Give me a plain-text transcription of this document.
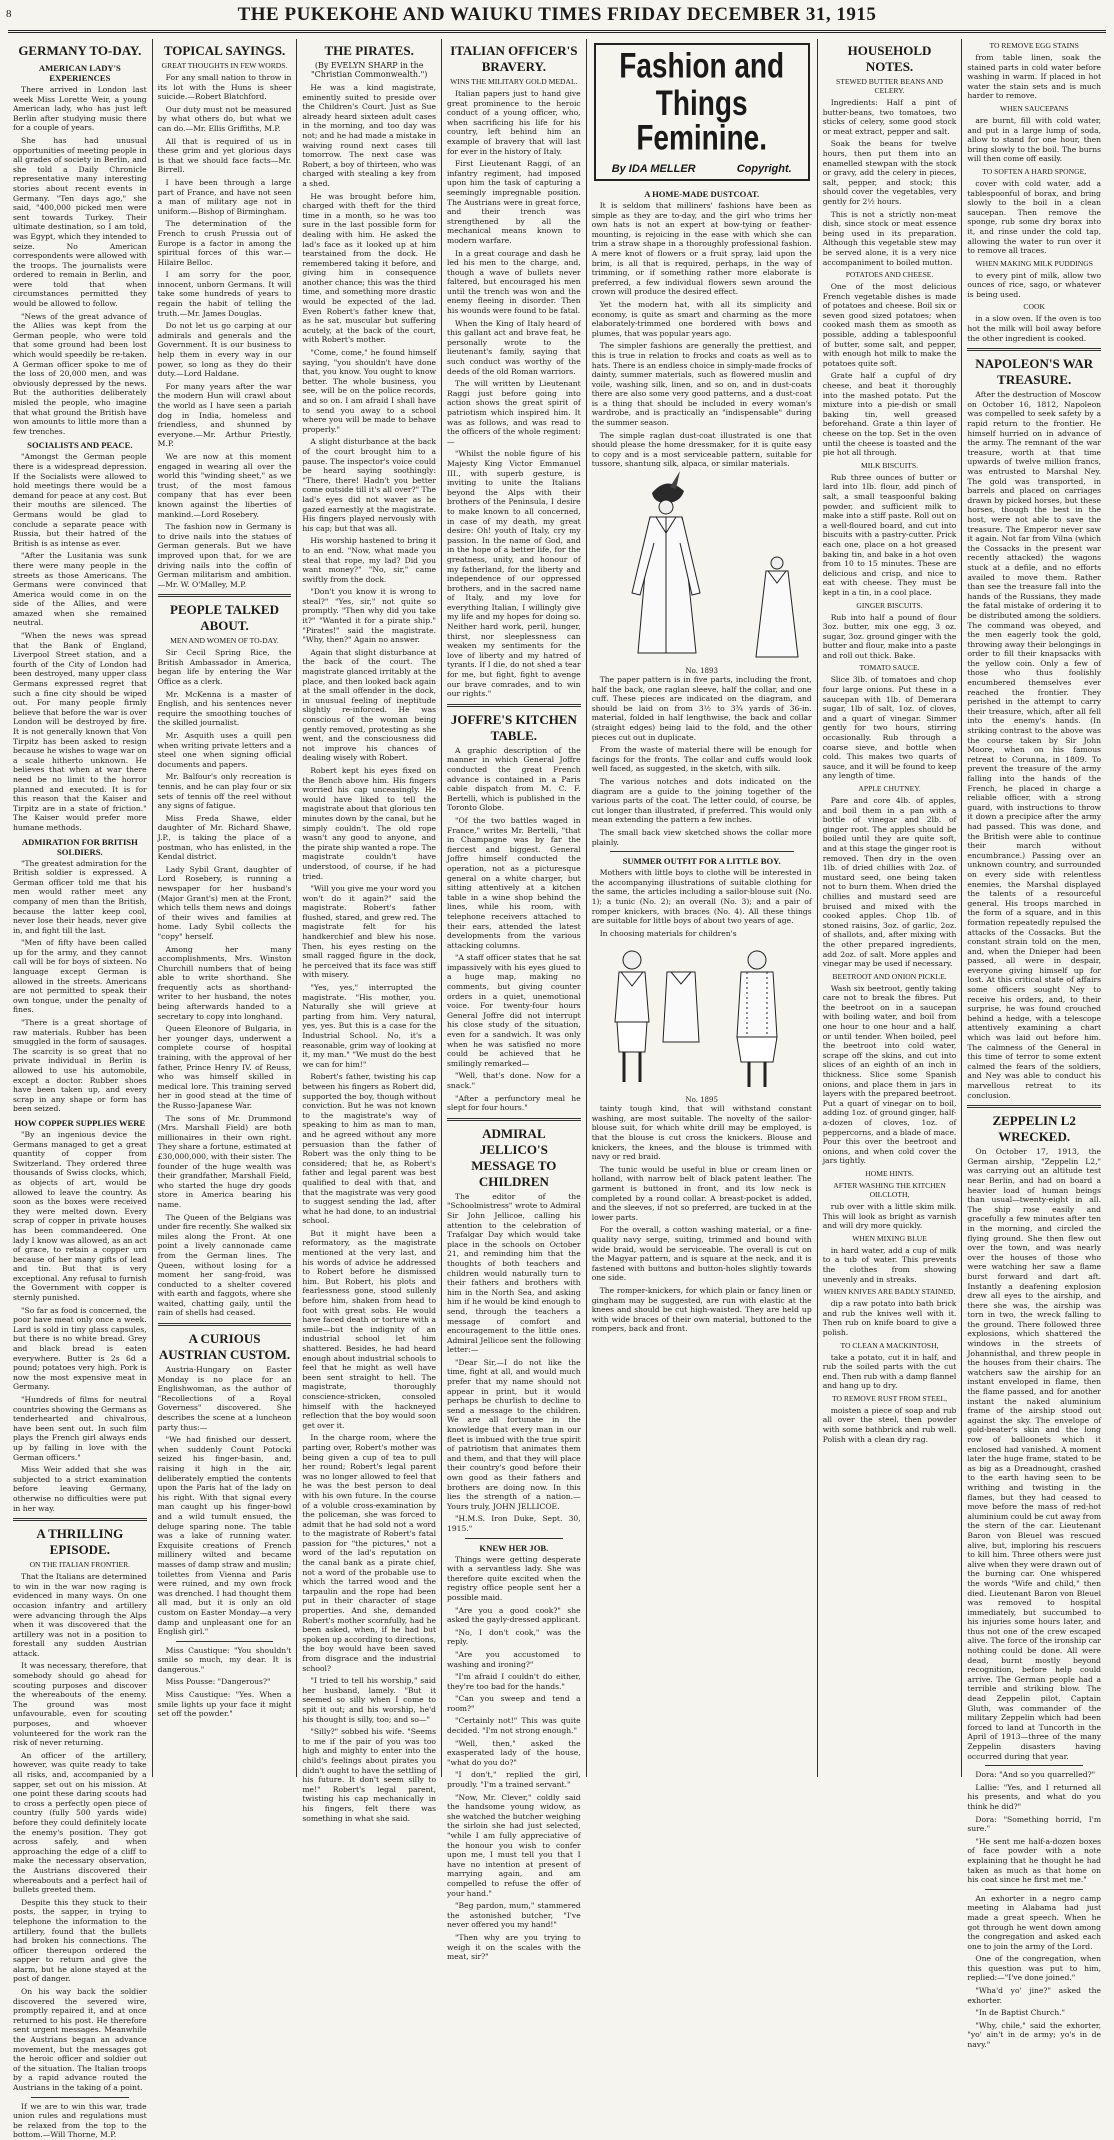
8	THE PUKEKOHE AND WAIUKU TIMES FRIDAY DECEMBER 31, 1915
GERMANY TO-DAY.
AMERICAN LADY'S EXPERIENCES

There arrived in London last week Miss Lorette Weir, a young American lady, who has just left Berlin after studying music there for a couple of years.

She has had unusual opportunities of meeting people in all grades of society in Berlin, and she told a Daily Chronicle representative many interesting stories about recent events in Germany. "Ten days ago," she said, "400,000 picked men were sent towards Turkey. Their ultimate destination, so I am told, was Egypt, which they intended to seize. No American correspondents were allowed with the troops. The journalists were ordered to remain in Berlin, and were told that when circumstances permitted they would be allowed to follow.

"News of the great advance of the Allies was kept from the German people, who were told that some ground had been lost which would speedily be re-taken. A German officer spoke to me of the loss of 20,000 men, and was obviously depressed by the news. But the authorities deliberately misled the people, who imagine that what ground the British have won amounts to little more than a few trenches.

SOCIALISTS AND PEACE.

"Amongst the German people there is a widespread depression. If the Socialists were allowed to hold meetings there would be a demand for peace at any cost. But their mouths are silenced. The Germans would be glad to conclude a separate peace with Russia, but their hatred of the British is as intense as ever.

"After the Lusitania was sunk there were many people in the streets as those Americans. The Germans were convinced that America would come in on the side of the Allies, and were amazed when she remained neutral.

"When the news was spread that the Bank of England, Liverpool Street station, and a fourth of the City of London had been destroyed, many upper class Germans expressed regret that such a fine city should be wiped out. For many people firmly believe that before the war is over London will be destroyed by fire. It is not generally known that Von Tirpitz has been asked to resign because he wishes to wage war on a scale hitherto unknown. He believes that when at war there need be no limit to the horror planned and executed. It is for this reason that the Kaiser and Tirpitz are in a state of friction." The Kaiser would prefer more humane methods.

ADMIRATION FOR BRITISH SOLDIERS.

"The greatest admiration for the British soldier is expressed. A German officer told me that his men would rather meet any company of men than the British, because the latter keep cool, never lose their heads, never give in, and fight till the last.

"Men of fifty have been called up for the army, and they cannot call will be for boys of sixteen. No language except German is allowed in the streets. Americans are not permitted to speak their own tongue, under the penalty of fines.

"There is a great shortage of raw materials. Rubber has been smuggled in the form of sausages. The scarcity is so great that no private individual in Berlin is allowed to use his automobile, except a doctor. Rubber shoes have been taken up, and every scrap in any shape or form has been seized.

HOW COPPER SUPPLIES WERE

"By an ingenious device the Germans managed to get a great quantity of copper from Switzerland. They ordered three thousands of Swiss clocks, which, as objects of art, would be allowed to leave the country. As soon as the boxes were received they were melted down. Every scrap of copper in private houses has been commandeered. One lady I know was allowed, as an act of grace, to retain a copper urn because of her many gifts of lead and tin. But that is very exceptional. Any refusal to furnish the Government with copper is sternly punished.

"So far as food is concerned, the poor have meat only once a week. Lard is sold in tiny glass capsules, but there is no white bread. Grey and black bread is eaten everywhere. Butter is 2s 6d a pound; potatoes very high. Pork is now the most expensive meat in Germany.

"Hundreds of films for neutral countries showing the Germans as tenderhearted and chivalrous, have been sent out. In such film plays the French girl always ends up by falling in love with the German officers."

Miss Weir added that she was subjected to a strict examination before leaving Germany, otherwise no difficulties were put in her way.

A THRILLING EPISODE.
ON THE ITALIAN FRONTIER.

That the Italians are determined to win in the war now raging is evidenced in many ways. On one occasion infantry and artillery were advancing through the Alps when it was discovered that the artillery was not in a position to forestall any sudden Austrian attack.

It was necessary, therefore, that somebody should go ahead for scouting purposes and discover the whereabouts of the enemy. The ground was most unfavourable, even for scouting purposes, and whoever volunteered for the work ran the risk of never returning.

An officer of the artillery, however, was quite ready to take all risks, and, accompanied by a sapper, set out on his mission. At one point these daring scouts had to cross a perfectly open piece of country (fully 500 yards wide) before they could definitely locate the enemy's position. They got across safely, and when approaching the edge of a cliff to make the necessary observation, the Austrians discovered their whereabouts and a perfect hail of bullets greeted them.

Despite this they stuck to their posts, the sapper, in trying to telephone the information to the artillery, found that the bullets had broken his connections. The officer thereupon ordered the sapper to return and give the alarm, but he alone stayed at the post of danger.

On his way back the soldier discovered the severed wire, promptly repaired it, and at once returned to his post. He therefore sent urgent messages. Meanwhile the Austrians began an advance movement, but the messages got the heroic officer and soldier out of the situation. The Italian troops by a rapid advance routed the Austrians in the taking of a point.

If we are to win this war, trade union rules and regulations must be relaxed from the top to the bottom.—Will Thorne, M.P.

TOPICAL SAYINGS.
GREAT THOUGHTS IN FEW WORDS.

For any small nation to throw in its lot with the Huns is sheer suicide.—Robert Blatchford.

Our duty must not be measured by what others do, but what we can do.—Mr. Ellis Griffiths, M.P.

All that is required of us in these grim and yet glorious days is that we should face facts—Mr. Birrell.

I have been through a large part of France, and have not seen a man of military age not in uniform.—Bishop of Birmingham.

The determination of the French to crush Prussia out of Europe is a factor in among the spiritual forces of this war.—Hilaire Belloc.

I am sorry for the poor, innocent, unborn Germans. It will take some hundreds of years to regain the habit of telling the truth.—Mr. James Douglas.

Do not let us go carping at our admirals and generals and the Government. It is our business to help them in every way in our power, so long as they do their duty.—Lord Haldane.

For many years after the war the modern Hun will crawl about the world as I have seen a pariah dog in India, homeless and friendless, and shunned by everyone.—Mr. Arthur Priestly, M.P.

We are now at this moment engaged in wearing all over the world this "winding sheet," as we trust, of the most famous company that has ever been known against the liberties of mankind.—Lord Rosebery.

The fashion now in Germany is to drive nails into the statues of German generals. But we have improved upon that, for we are driving nails into the coffin of German militarism and ambition.—Mr. W. O'Malley, M.P.

PEOPLE TALKED ABOUT.
MEN AND WOMEN OF TO-DAY.

Sir Cecil Spring Rice, the British Ambassador in America, began life by entering the War Office as a clerk.

Mr. McKenna is a master of English, and his sentences never require the smoothing touches of the skilled journalist.

Mr. Asquith uses a quill pen when writing private letters and a steel one when signing official documents and papers.

Mr. Balfour's only recreation is tennis, and he can play four or six sets of tennis off the reel without any signs of fatigue.

Miss Freda Shawe, elder daughter of Mr. Richard Shawe, J.P., is taking the place of a postman, who has enlisted, in the Kendal district.

Lady Sybil Grant, daughter of Lord Rosebery, is running a newspaper for her husband's (Major Grant's) men at the Front, which tells them news and doings of their wives and families at home. Lady Sybil collects the "copy" herself.

Among her many accomplishments, Mrs. Winston Churchill numbers that of being able to write shorthand. She frequently acts as shorthand-writer to her husband, the notes being afterwards handed to a secretary to copy into longhand.

Queen Eleonore of Bulgaria, in her younger days, underwent a complete course of hospital training, with the approval of her father, Prince Henry IV. of Reuss, who was himself skilled in medical lore. This training served her in good stead at the time of the Russo-Japanese War.

The sons of Mr. Drummond (Mrs. Marshall Field) are both millionaires in their own right. They share a fortune, estimated at £30,000,000, with their sister. The founder of the huge wealth was their grandfather, Marshall Field, who started the huge dry goods store in America bearing his name.

The Queen of the Belgians was under fire recently. She walked six miles along the Front. At one point a lively cannonade came from the German lines. The Queen, without losing for a moment her sang-froid, was conducted to a shelter covered with earth and faggots, where she waited, chatting gaily, until the rain of shells had ceased.

A CURIOUS AUSTRIAN CUSTOM.

Austria-Hungary on Easter Monday is no place for an Englishwoman, as the author of "Recollections of a Royal Governess" discovered. She describes the scene at a luncheon party thus:—

"We had finished our dessert, when suddenly Count Potocki seized his finger-basin, and, raising it high in the air, deliberately emptied the contents upon the Paris hat of the lady on his right. With that signal every man caught up his finger-bowl and a wild tumult ensued, the deluge sparing none. The table was a lake of running water. Exquisite creations of French millinery wilted and became masses of damp straw and muslin; toilettes from Vienna and Paris were ruined, and my own frock was drenched. I had thought them all mad, but it is only an old custom on Easter Monday—a very damp and unpleasant one for an English girl."

Miss Caustique: "You shouldn't smile so much, my dear. It is dangerous."

Miss Pousse: "Dangerous?"

Miss Caustique: "Yes. When a smile lights up your face it might set off the powder."

THE PIRATES.
(By EVELYN SHARP in the "Christian Commonwealth.")

He was a kind magistrate, eminently suited to preside over the Children's Court. Just as Sue already heard sixteen adult cases in the morning, and too day was not; and he had made a mistake in waiving round next cases till tomorrow. The next case was Robert, a boy of thirteen, who was charged with stealing a key from a shed.

He was brought before him, charged with theft for the third time in a month, so he was too sure in the last possible form for dealing with him. He asked the lad's face as it looked up at him tearstained from the dock. He remembered taking it before, and giving him in consequence another chance; this was the third time, and something more drastic would be expected of the lad. Even Robert's father knew that, as he sat, muscular but suffering acutely, at the back of the court, with Robert's mother.

"Come, come," he found himself saying, "you shouldn't have done that, you know. You ought to know better. The whole business, you see, will be on the police records, and so on. I am afraid I shall have to send you away to a school where you will be made to behave properly."

A slight disturbance at the back of the court brought him to a pause. The inspector's voice could be heard saying soothingly: "There, there! Hadn't you better come outside till it's all over?" The lad's eyes did not waver as he gazed earnestly at the magistrate. His fingers played nervously with his cap; but that was all.

His worship hastened to bring it to an end. "Now, what made you steal that rope, my lad? Did you want money?" "No, sir," came swiftly from the dock.

"Don't you know it is wrong to steal?" "Yes, sir," not quite so promptly. "Then why did you take it?" "Wanted it for a pirate ship." "Pirates!" said the magistrate. "Why, then?" Again no answer.

Again that slight disturbance at the back of the court. The magistrate glanced irritably at the place, and then looked back again at the small offender in the dock, in unusual feeling of ineptitude slightly re-inforced. He was conscious of the woman being gently removed, protesting as she went, and the consciousness did not improve his chances of dealing wisely with Robert.

Robert kept his eyes fixed on the Bench above him. His fingers worried his cap unceasingly. He would have liked to tell the magistrate about that glorious ten minutes down by the canal, but he simply couldn't. The old rope wasn't any good to anyone, and the pirate ship wanted a rope. The magistrate couldn't have understood, of course, if he had tried.

"Will you give me your word you won't do it again?" said the magistrate. Robert's father flushed, stared, and grew red. The magistrate felt for his handkerchief and blew his nose. Then, his eyes resting on the small ragged figure in the dock, he perceived that its face was stiff with misery.

"Yes, yes," interrupted the magistrate. "His mother, you. Naturally she will grieve at parting from him. Very natural, yes, yes. But this is a case for the Industrial School. No, it's a reasonable, grim way of looking at it, my man." "We must do the best we can for him!"

Robert's father, twisting his cap between his fingers as Robert did, supported the boy, though without conviction. But he was not known to the magistrate's way of speaking to him as man to man, and he agreed without any more persuasion than the father of Robert was the only thing to be considered; that he, as Robert's father and legal parent was best qualified to deal with that, and that the magistrate was very good to suggest sending the lad, after what he had done, to an industrial school.

But it might have been a reformatory, as the magistrate mentioned at the very last, and his words of advice he addressed to Robert before he dismissed him. But Robert, his plots and fearlessness gone, stood sullenly before him, shaken from head to foot with great sobs. He would have faced death or torture with a smile—but the indignity of an industrial school let him shattered. Besides, he had heard enough about industrial schools to feel that he might as well have been sent straight to hell. The magistrate, thoroughly conscience-stricken, consoled himself with the hackneyed reflection that the boy would soon get over it.

In the charge room, where the parting over, Robert's mother was being given a cup of tea to pull her round; Robert's legal parent was no longer allowed to feel that he was the best person to deal with his own future. In the course of a voluble cross-examination by the policeman, she was forced to admit that he had sold not a word to the magistrate of Robert's fatal passion for "the pictures," not a word of the lad's reputation on the canal bank as a pirate chief, not a word of the probable use to which the tarred wood and the tarpaulin and the rope had been put in their character of stage properties. And she, demanded Robert's mother scornfully, had he been asked, when, if he had but spoken up according to directions, the boy would have been saved from disgrace and the industrial school?

"I tried to tell his worship," said her husband, lamely. "But it seemed so silly when I come to spit it out; and his worship, he'd his thought is silly, too; and so—"

"Silly?" sobbed his wife. "Seems to me if the pair of you was too high and mighty to enter into the child's feelings about pirates you didn't ought to have the settling of his future. It don't seem silly to me!" Robert's legal parent, twisting his cap mechanically in his fingers, felt there was something in what she said.

ITALIAN OFFICER'S BRAVERY.
WINS THE MILITARY GOLD MEDAL.

Italian papers just to hand give great prominence to the heroic conduct of a young officer, who, when sacrificing his life for his country, left behind him an example of bravery that will last for ever in the history of Italy.

First Lieutenant Raggi, of an infantry regiment, had imposed upon him the task of capturing a seemingly impregnable position. The Austrians were in great force, and their trench was strengthened by all the mechanical means known to modern warfare.

In a great courage and dash he led his men to the charge, and, though a wave of bullets never faltered, but encouraged his men until the trench was won and the enemy fleeing in disorder. Then his wounds were found to be fatal.

When the King of Italy heard of this gallant act and brave feat, he personally wrote to the lieutenant's family, saying that such conduct was worthy of the deeds of the old Roman warriors.

The will written by Lieutenant Raggi just before going into action shows the great spirit of patriotism which inspired him. It was as follows, and was read to the officers of the whole regiment:—

"Whilst the noble figure of his Majesty King Victor Emmanuel III., with superb gesture, is inviting to unite the Italians beyond the Alps with their brothers of the Peninsula, I desire to make known to all concerned, in case of my death, my great desire: Oh! youth of Italy, cry my passion. In the name of God, and in the hope of a better life, for the greatness, unity, and honour of my fatherland, for the liberty and independence of our oppressed brothers, and in the sacred name of Italy, and my love for everything Italian, I willingly give my life and my hopes for doing so. Neither hard work, peril, hunger, thirst, nor sleeplessness can weaken my sentiments for the love of liberty and my hatred of tyrants. If I die, do not shed a tear for me, but fight, fight to avenge our brave comrades, and to win our rights."

JOFFRE'S KITCHEN TABLE.

A graphic description of the manner in which General Joffre conducted the great French advance is contained in a Paris cable dispatch from M. C. F. Bertelli, which is published in the Toronto Globe.

"Of the two battles waged in France," writes Mr. Bertelli, "that in Champagne was by far the fiercest and biggest. General Joffre himself conducted the operation, not as a picturesque general on a white charger, but sitting attentively at a kitchen table in a wine shop behind the lines, while his room, with telephone receivers attached to their ears, attended the latest developments from the various attacking columns.

"A staff officer states that he sat impassively with his eyes glued to a huge map, making no comments, but giving counter orders in a quiet, unemotional voice. For twenty-four hours General Joffre did not interrupt his close study of the situation, even for a sandwich. It was only when he was satisfied no more could be achieved that he smilingly remarked—

"Well, that's done. Now for a snack."

"After a perfunctory meal he slept for four hours."

ADMIRAL JELLICO'S MESSAGE TO CHILDREN

The editor of the "Schoolmistress" wrote to Admiral Sir John Jellicoe, calling his attention to the celebration of Trafalgar Day which would take place in the schools on October 21, and reminding him that the thoughts of both teachers and children would naturally turn to their fathers and brothers with him in the North Sea, and asking him if he would be kind enough to send, through the teachers a message of comfort and encouragement to the little ones. Admiral Jellicoe sent the following letter:—

"Dear Sir,—I do not like the time, fight at all, and would much prefer that my name should not appear in print, but it would perhaps be churlish to decline to send a message to the children. We are all fortunate in the knowledge that every man in our fleet is imbued with the true spirit of patriotism that animates them and them, and that they will place their country's good before their own good as their fathers and brothers are doing now. In this lies the strength of a nation.—Yours truly, JOHN JELLICOE.

"H.M.S. Iron Duke, Sept. 30, 1915."

KNEW HER JOB.

Things were getting desperate with a servantless lady. She was therefore quite excited when the registry office people sent her a possible maid.

"Are you a good cook?" she asked the gayly-dressed applicant.

"No, I don't cook," was the reply.

"Are you accustomed to washing and ironing?"

"I'm afraid I couldn't do either, they're too bad for the hands."

"Can you sweep and tend a room?"

"Certainly not!" This was quite decided. "I'm not strong enough."

"Well, then," asked the exasperated lady of the house, "what do you do?"

"I don't," replied the girl, proudly. "I'm a trained servant."

"Now, Mr. Clever," coldly said the handsome young widow, as she watched the butcher weighing the sirloin she had just selected, "while I am fully appreciative of the honour you wish to confer upon me, I must tell you that I have no intention at present of marrying again, and am compelled to refuse the offer of your hand."

"Beg pardon, mum," stammered the astonished butcher, "I've never offered you my hand!"

"Then why are you trying to weigh it on the scales with the meat, sir?"

Fashion and Things
Feminine.
By IDA MELLER	Copyright.
A HOME-MADE DUSTCOAT.

It is seldom that milliners' fashions have been as simple as they are to-day, and the girl who trims her own hats is not an expert at bow-tying or feather-mounting, is rejoicing in the ease with which she can trim a straw shape in a thoroughly professional fashion. A mere knot of flowers or a fruit spray, laid upon the brim, is all that is required, perhaps, in the way of trimming, or if something rather more elaborate is preferred, a few individual flowers sewn around the crown will produce the desired effect.

Yet the modern hat, with all its simplicity and economy, is quite as smart and charming as the more elaborately-trimmed one bordered with bows and plumes, that was popular years ago.

The simpler fashions are generally the prettiest, and this is true in relation to frocks and coats as well as to hats. There is an endless choice in simply-made frocks of dainty, summer materials, such as flowered muslin and voile, washing silk, linen, and so on, and in dust-coats there are also some very good patterns, and a dust-coat is a thing that should be included in every woman's wardrobe, and is practically an "indispensable" during the summer season.

The simple raglan dust-coat illustrated is one that should please the home dressmaker, for it is quite easy to copy and is a most serviceable pattern, suitable for tussore, shantung silk, alpaca, or similar materials.

No. 1893

The paper pattern is in five parts, including the front, half the back, one raglan sleeve, half the collar, and one cuff. These pieces are indicated on the diagram, and should be laid on from 3½ to 3¾ yards of 36-in. material, folded in half lengthwise, the back and collar (straight edges) being laid to the fold, and the other pieces cut out in duplicate.

From the waste of material there will be enough for facings for the fronts. The collar and cuffs would look well faced, as suggested, in the sketch, with silk.

The various notches and dots indicated on the diagram are a guide to the joining together of the various parts of the coat. The letter could, of course, be cut longer than illustrated, if preferred. This would only mean extending the pattern a few inches.

The small back view sketched shows the collar more plainly.

SUMMER OUTFIT FOR A LITTLE BOY.

Mothers with little boys to clothe will be interested in the accompanying illustrations of suitable clothing for the same, the articles including a sailor-blouse suit (No. 1); a tunic (No. 2); an overall (No. 3); and a pair of romper knickers, with braces (No. 4). All these things are suitable for little boys of about two years of age.

In choosing materials for children's

No. 1895

tainty tough kind, that will withstand constant washing, are most suitable. The novelty of the sailor-blouse suit, for which white drill may be employed, is that the blouse is cut cross the knickers. Blouse and knickers, the knees, and the blouse is trimmed with navy or red braid.

The tunic would be useful in blue or cream linen or holland, with narrow belt of black patent leather. The garment is buttoned in front, and its low neck is completed by a round collar. A breast-pocket is added, and the sleeves, if not so preferred, are tucked in at the lower parts.

For the overall, a cotton washing material, or a fine-quality navy serge, suiting, trimmed and bound with wide braid, would be serviceable. The overall is cut on the Magyar pattern, and is square at the neck, and it is fastened with buttons and button-holes slightly towards one side.

The romper-knickers, for which plain or fancy linen or gingham may be suggested, are run with elastic at the knees and should be cut high-waisted. They are held up with wide braces of their own material, buttoned to the rompers, back and front.

HOUSEHOLD NOTES.
STEWED BUTTER BEANS AND CELERY.

Ingredients: Half a pint of butter-beans, two tomatoes, two sticks of celery, some good stock or meat extract, pepper and salt.

Soak the beans for twelve hours, then put them into an enamelled stewpan with the stock or gravy, add the celery in pieces, salt, pepper, and stock; this should cover the vegetables, very gently for 2½ hours.

This is not a strictly non-meat dish, since stock or meat essence being used in its preparation. Although this vegetable stew may be served alone, it is a very nice accompaniment to boiled mutton.

POTATOES AND CHEESE.

One of the most delicious French vegetable dishes is made of potatoes and cheese. Boil six or seven good sized potatoes; when cooked mash them as smooth as possible, adding a tablespoonful of butter, some salt, and pepper, with enough hot milk to make the potatoes quite soft.

Grate half a cupful of dry cheese, and beat it thoroughly into the mashed potato. Put the mixture into a pie-dish or small baking tin, well greased beforehand. Grate a thin layer of cheese on the top. Set in the oven until the cheese is toasted and the pie hot all through.

MILK BISCUITS.

Rub three ounces of butter or lard into 1lb. flour, add pinch of salt, a small teaspoonful baking powder, and sufficient milk to make into a stiff paste. Roll out on a well-floured board, and cut into biscuits with a pastry-cutter. Prick each one, place on a hot greased baking tin, and bake in a hot oven from 10 to 15 minutes. These are delicious and crisp, and nice to eat with cheese. They must be kept in a tin, in a cool place.

GINGER BISCUITS.

Rub into half a pound of flour 3oz. butter, mix one egg, 3 oz. sugar, 3oz. ground ginger with the butter and flour, make into a paste and roll out thick. Bake.

TOMATO SAUCE.

Slice 3lb. of tomatoes and chop four large onions. Put these in a saucepan with 1lb. of Demerara sugar, 1lb of salt, 1oz. of cloves, and a quart of vinegar. Simmer gently for two hours, stirring occasionally. Rub through a coarse sieve, and bottle when cold. This makes two quarts of sauce, and it will be found to keep any length of time.

APPLE CHUTNEY.

Pare and core 4lb. of apples, and boil them in a pan with a bottle of vinegar and 2lb. of ginger root. The apples should be boiled until they are quite soft, and at this stage the ginger root is removed. Then dry in the oven 1lb. of dried chillies with 2oz. of mustard seed, one being taken not to burn them. When dried the chillies and mustard seed are bruised and mixed with the cooked apples. Chop 1lb. of stoned raisins, 3oz. of garlic, 2oz. of shallots, and, after mixing with the other prepared ingredients, add 2oz. of salt. More apples and vinegar may be used if necessary.

BEETROOT AND ONION PICKLE.

Wash six beetroot, gently taking care not to break the fibres. Put the beetroot on in a saucepan with boiling water, and boil from one hour to one hour and a half, or until tender. When boiled, peel the beetroot into cold water, scrape off the skins, and cut into slices of an eighth of an inch in thickness. Slice some Spanish onions, and place them in jars in layers with the prepared beetroot. Put a quart of vinegar on to boil, adding 1oz. of ground ginger, half-a-dozen of cloves, 1oz. of peppercorns, and a blade of mace. Pour this over the beetroot and onions, and when cold cover the jars tightly.

HOME HINTS.
AFTER WASHING THE KITCHEN OILCLOTH,

rub over with a little skim milk. This will look as bright as varnish and will dry more quickly.

WHEN MIXING BLUE

in hard water, add a cup of milk to a tub of water. This prevents the clothes from showing unevenly and in streaks.

WHEN KNIVES ARE BADLY STAINED,

dip a raw potato into bath brick and rub the knives well with it. Then rub on knife board to give a polish.

TO CLEAN A MACKINTOSH,

take a potato, cut it in half, and rub the soiled parts with the cut end. Then rub with a damp flannel and hang up to dry.

TO REMOVE RUST FROM STEEL,

moisten a piece of soap and rub all over the steel, then powder with some bathbrick and rub well. Polish with a clean dry rag.

TO REMOVE EGG STAINS

from table linen, soak the stained parts in cold water before washing in warm. If placed in hot water the stain sets and is much harder to remove.

WHEN SAUCEPANS

are burnt, fill with cold water, and put in a large lump of soda, allow to stand for one hour, then bring slowly to the boil. The burns will then come off easily.

TO SOFTEN A HARD SPONGE,

cover with cold water, add a tablespoonful of borax, and bring slowly to the boil in a clean saucepan. Then remove the sponge, rub some dry borax into it, and rinse under the cold tap, allowing the water to run over it to remove all traces.

WHEN MAKING MILK PUDDINGS

to every pint of milk, allow two ounces of rice, sago, or whatever is being used.

COOK

in a slow oven. If the oven is too hot the milk will boil away before the other ingredient is cooked.

NAPOLEON'S WAR TREASURE.

After the destruction of Moscow on October 16, 1812, Napoleon was compelled to seek safety by a rapid return to the frontier. He himself hurried on in advance of the army. The remnant of the war treasure, worth at that time upwards of twelve million francs, was entrusted to Marshal Ney. The gold was transported, in barrels and placed on carriages drawn by picked horses, but these horses, though the best in the host, were not able to save the treasure. The Emperor never saw it again. Not far from Vilna (which the Cossacks in the present war recently attacked) the wagons stuck at a defile, and no efforts availed to move them. Rather than see the treasure fall into the hands of the Russians, they made the fatal mistake of ordering it to be distributed among the soldiers. The command was obeyed, and the men eagerly took the gold, throwing away their belongings in order to fill their knapsacks with the yellow coin. Only a few of those who thus foolishly encumbered themselves ever reached the frontier. They perished in the attempt to carry their treasure, which, after all fell into the enemy's hands. (In striking contrast to the above was the course taken by Sir John Moore, when on his famous retreat to Corunna, in 1809. To prevent the treasure of the army falling into the hands of the French, he placed in charge a reliable officer, with a strong guard, with instructions to throw it down a precipice after the army had passed. This was done, and the British were able to continue their march without encumbrance.) Passing over an unknown country, and surrounded on every side with relentless enemies, the Marshal displayed the talents of a resourceful general. His troops marched in the form of a square, and in this formation repeatedly repulsed the attacks of the Cossacks. But the constant strain told on the men, and, when the Dnieper had been passed, all were in despair, everyone giving himself up for lost. At this critical state of affairs some officers sought Ney to receive his orders, and, to their surprise, he was found crouched behind a hedge, with a telescope attentively examining a chart which was laid out before him. The calmness of the General in this time of terror to some extent calmed the fears of the soldiers, and Ney was able to conduct his marvellous retreat to its conclusion.

ZEPPELIN L2 WRECKED.

On October 17, 1913, the German airship, "Zeppelin L2," was carrying out an altitude test near Berlin, and had on board a heavier load of human beings than usual—twenty-eight in all. The ship rose easily and gracefully a few minutes after ten in the morning, and circled the flying ground. She then flew out over the town, and was nearly over the houses of those who were watching her saw a flame burst forward and dart aft. Instantly a deafening explosion drew all eyes to the airship, and there she was, the airship was torn in two, the wreck falling to the ground. There followed three explosions, which shattered the windows in the streets of Johannisthal, and threw people in the houses from their chairs. The watchers saw the airship for an instant enveloped in flame, then the flame passed, and for another instant the naked aluminium frame of the airship stood out against the sky. The envelope of gold-beater's skin and the long row of balloonets which it enclosed had vanished. A moment later the huge frame, stated to be as big as a Dreadnought, crashed to the earth having seen to be writhing and twisting in the flames, but they had ceased to move before the mass of red-hot aluminium could be cut away from the stern of the car. Lieutenant Baron von Bleuel was rescued alive, but, imploring his rescuers to kill him. Three others were just alive when they were drawn out of the burning car. One whispered the words "Wife and child," then died. Lieutenant Baron von Bleuel was removed to hospital immediately, but succumbed to his injuries some hours later, and thus not one of the crew escaped alive. The force of the ironship car nothing could be done. All were dead, burnt mostly beyond recognition, before help could arrive. The German people had a terrible and striking blow. The dead Zeppelin pilot, Captain Gluth, was commander of the military Zeppelin which had been forced to land at Tuncorth in the April of 1913—three of the many Zeppelin disasters having occurred during that year.

Dora: "And so you quarrelled?"

Lallie: "Yes, and I returned all his presents, and what do you think he did?"

Dora: "Something horrid, I'm sure."

"He sent me half-a-dozen boxes of face powder with a note explaining that he thought he had taken as much as that home on his coat since he first met me."

An exhorter in a negro camp meeting in Alabama had just made a great speech. When he got through he went down among the congregation and asked each one to join the army of the Lord.

One of the congregation, when this question was put to him, replied:—"I've done joined."

"Wha'd yo' jine?" asked the exhorter.

"In de Baptist Church."

"Why, chile," said the exhorter, "yo' ain't in de army; yo's in de navy."
